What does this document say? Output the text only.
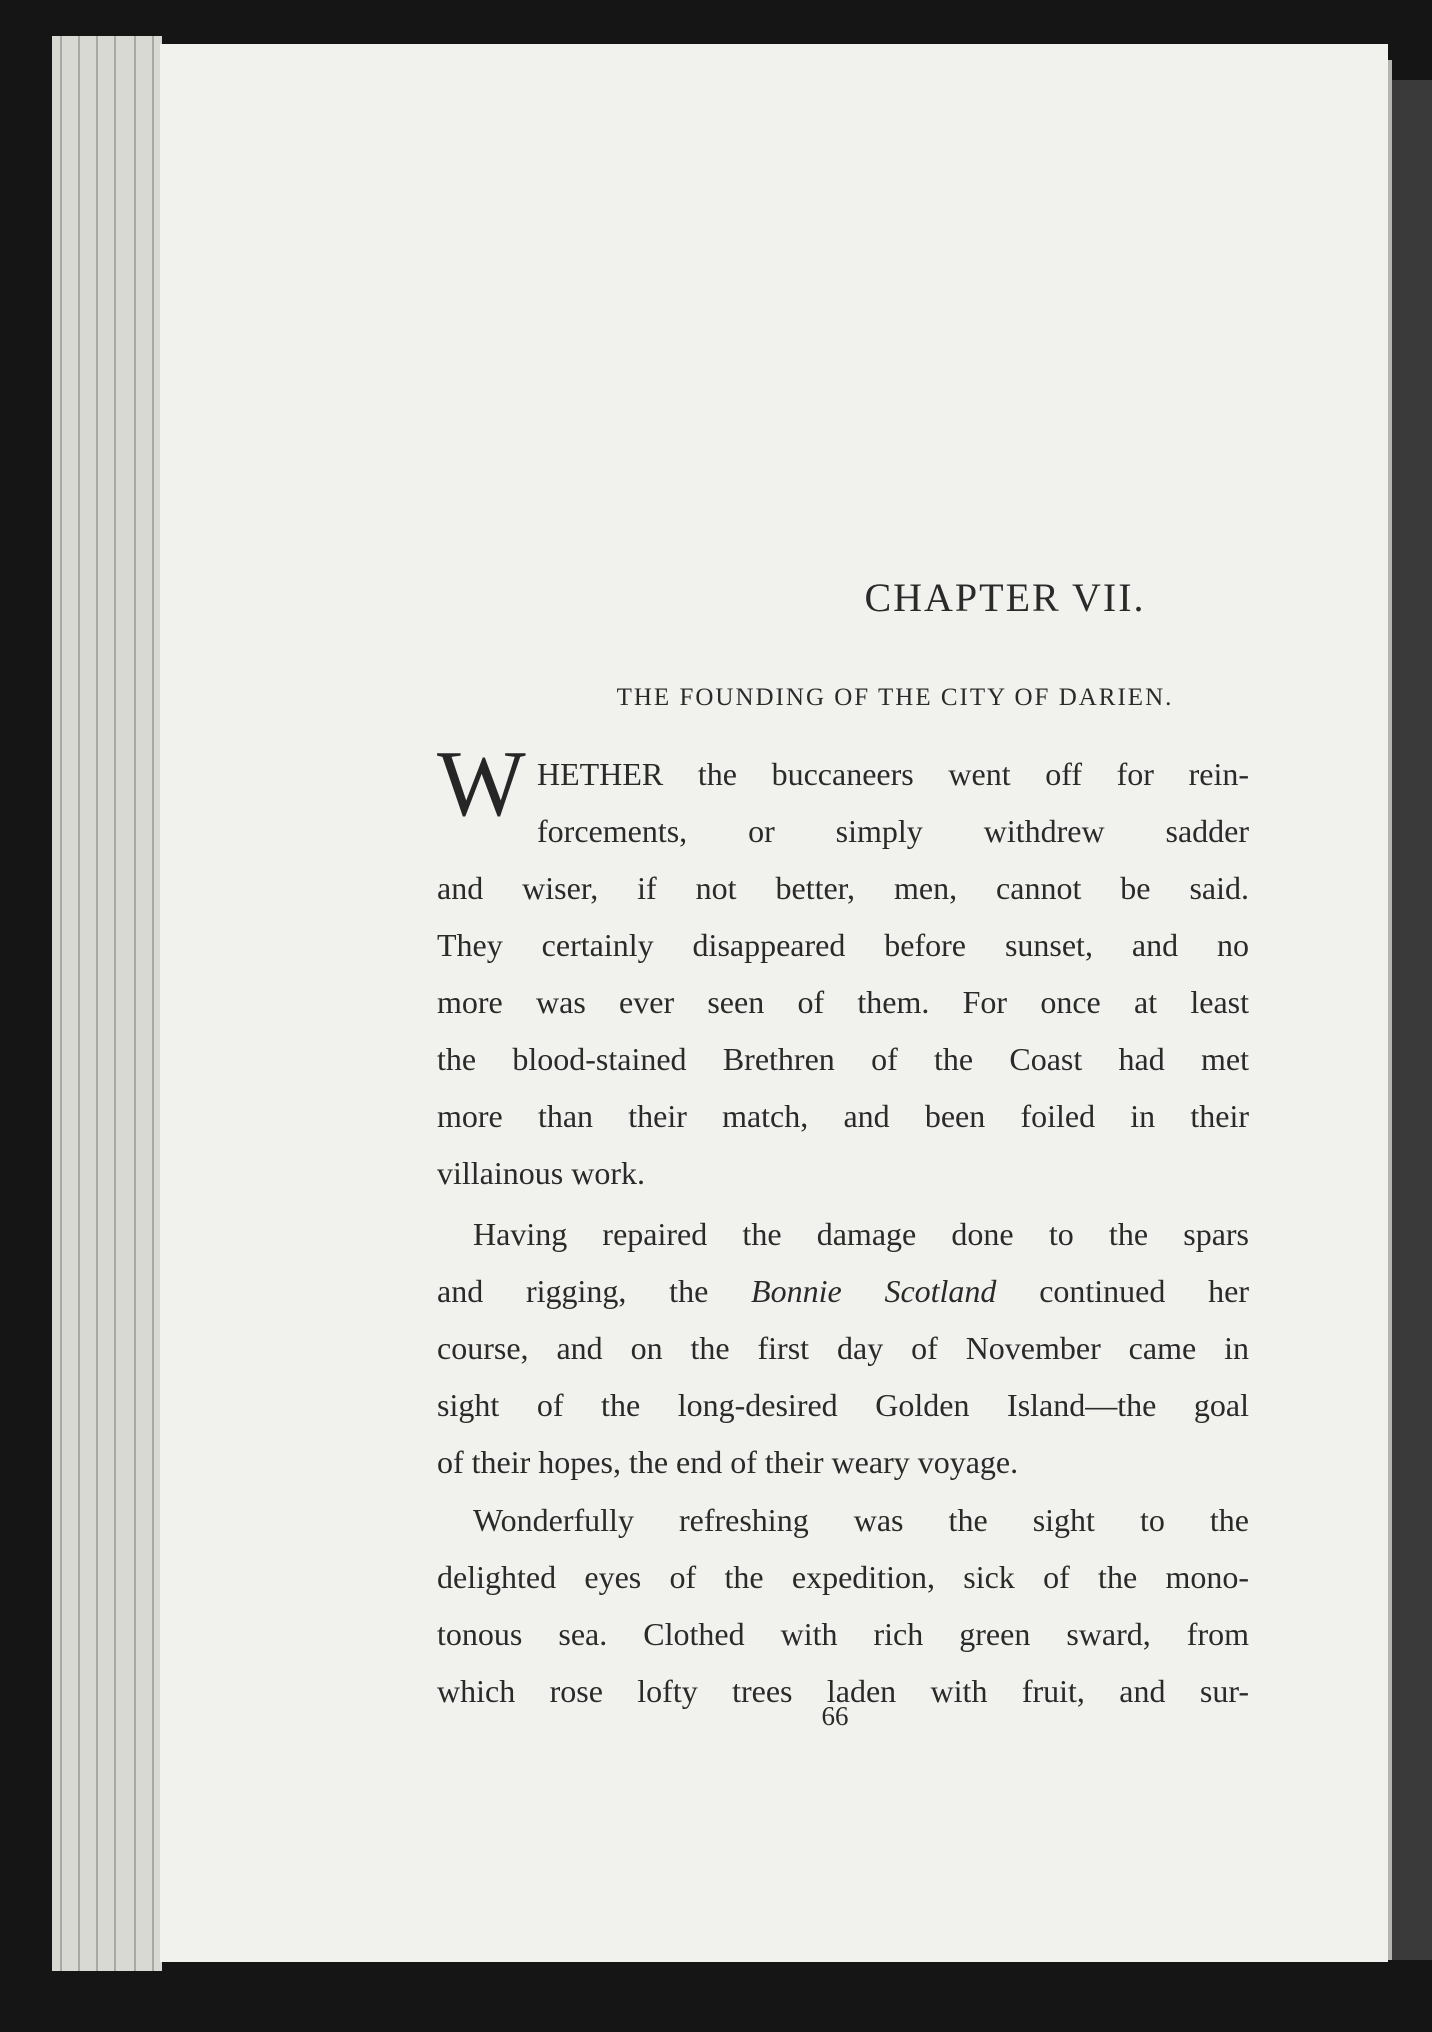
CHAPTER VII.
THE FOUNDING OF THE CITY OF DARIEN.
W HETHER the buccaneers went off for rein-
forcements, or simply withdrew sadder
and wiser, if not better, men, cannot be said.
They certainly disappeared before sunset, and no
more was ever seen of them. For once at least
the blood-stained Brethren of the Coast had met
more than their match, and been foiled in their
villainous work.
Having repaired the damage done to the spars
and rigging, the Bonnie Scotland continued her
course, and on the first day of November came in
sight of the long-desired Golden Island—the goal
of their hopes, the end of their weary voyage.
Wonderfully refreshing was the sight to the
delighted eyes of the expedition, sick of the mono-
tonous sea. Clothed with rich green sward, from
which rose lofty trees laden with fruit, and sur-
66
